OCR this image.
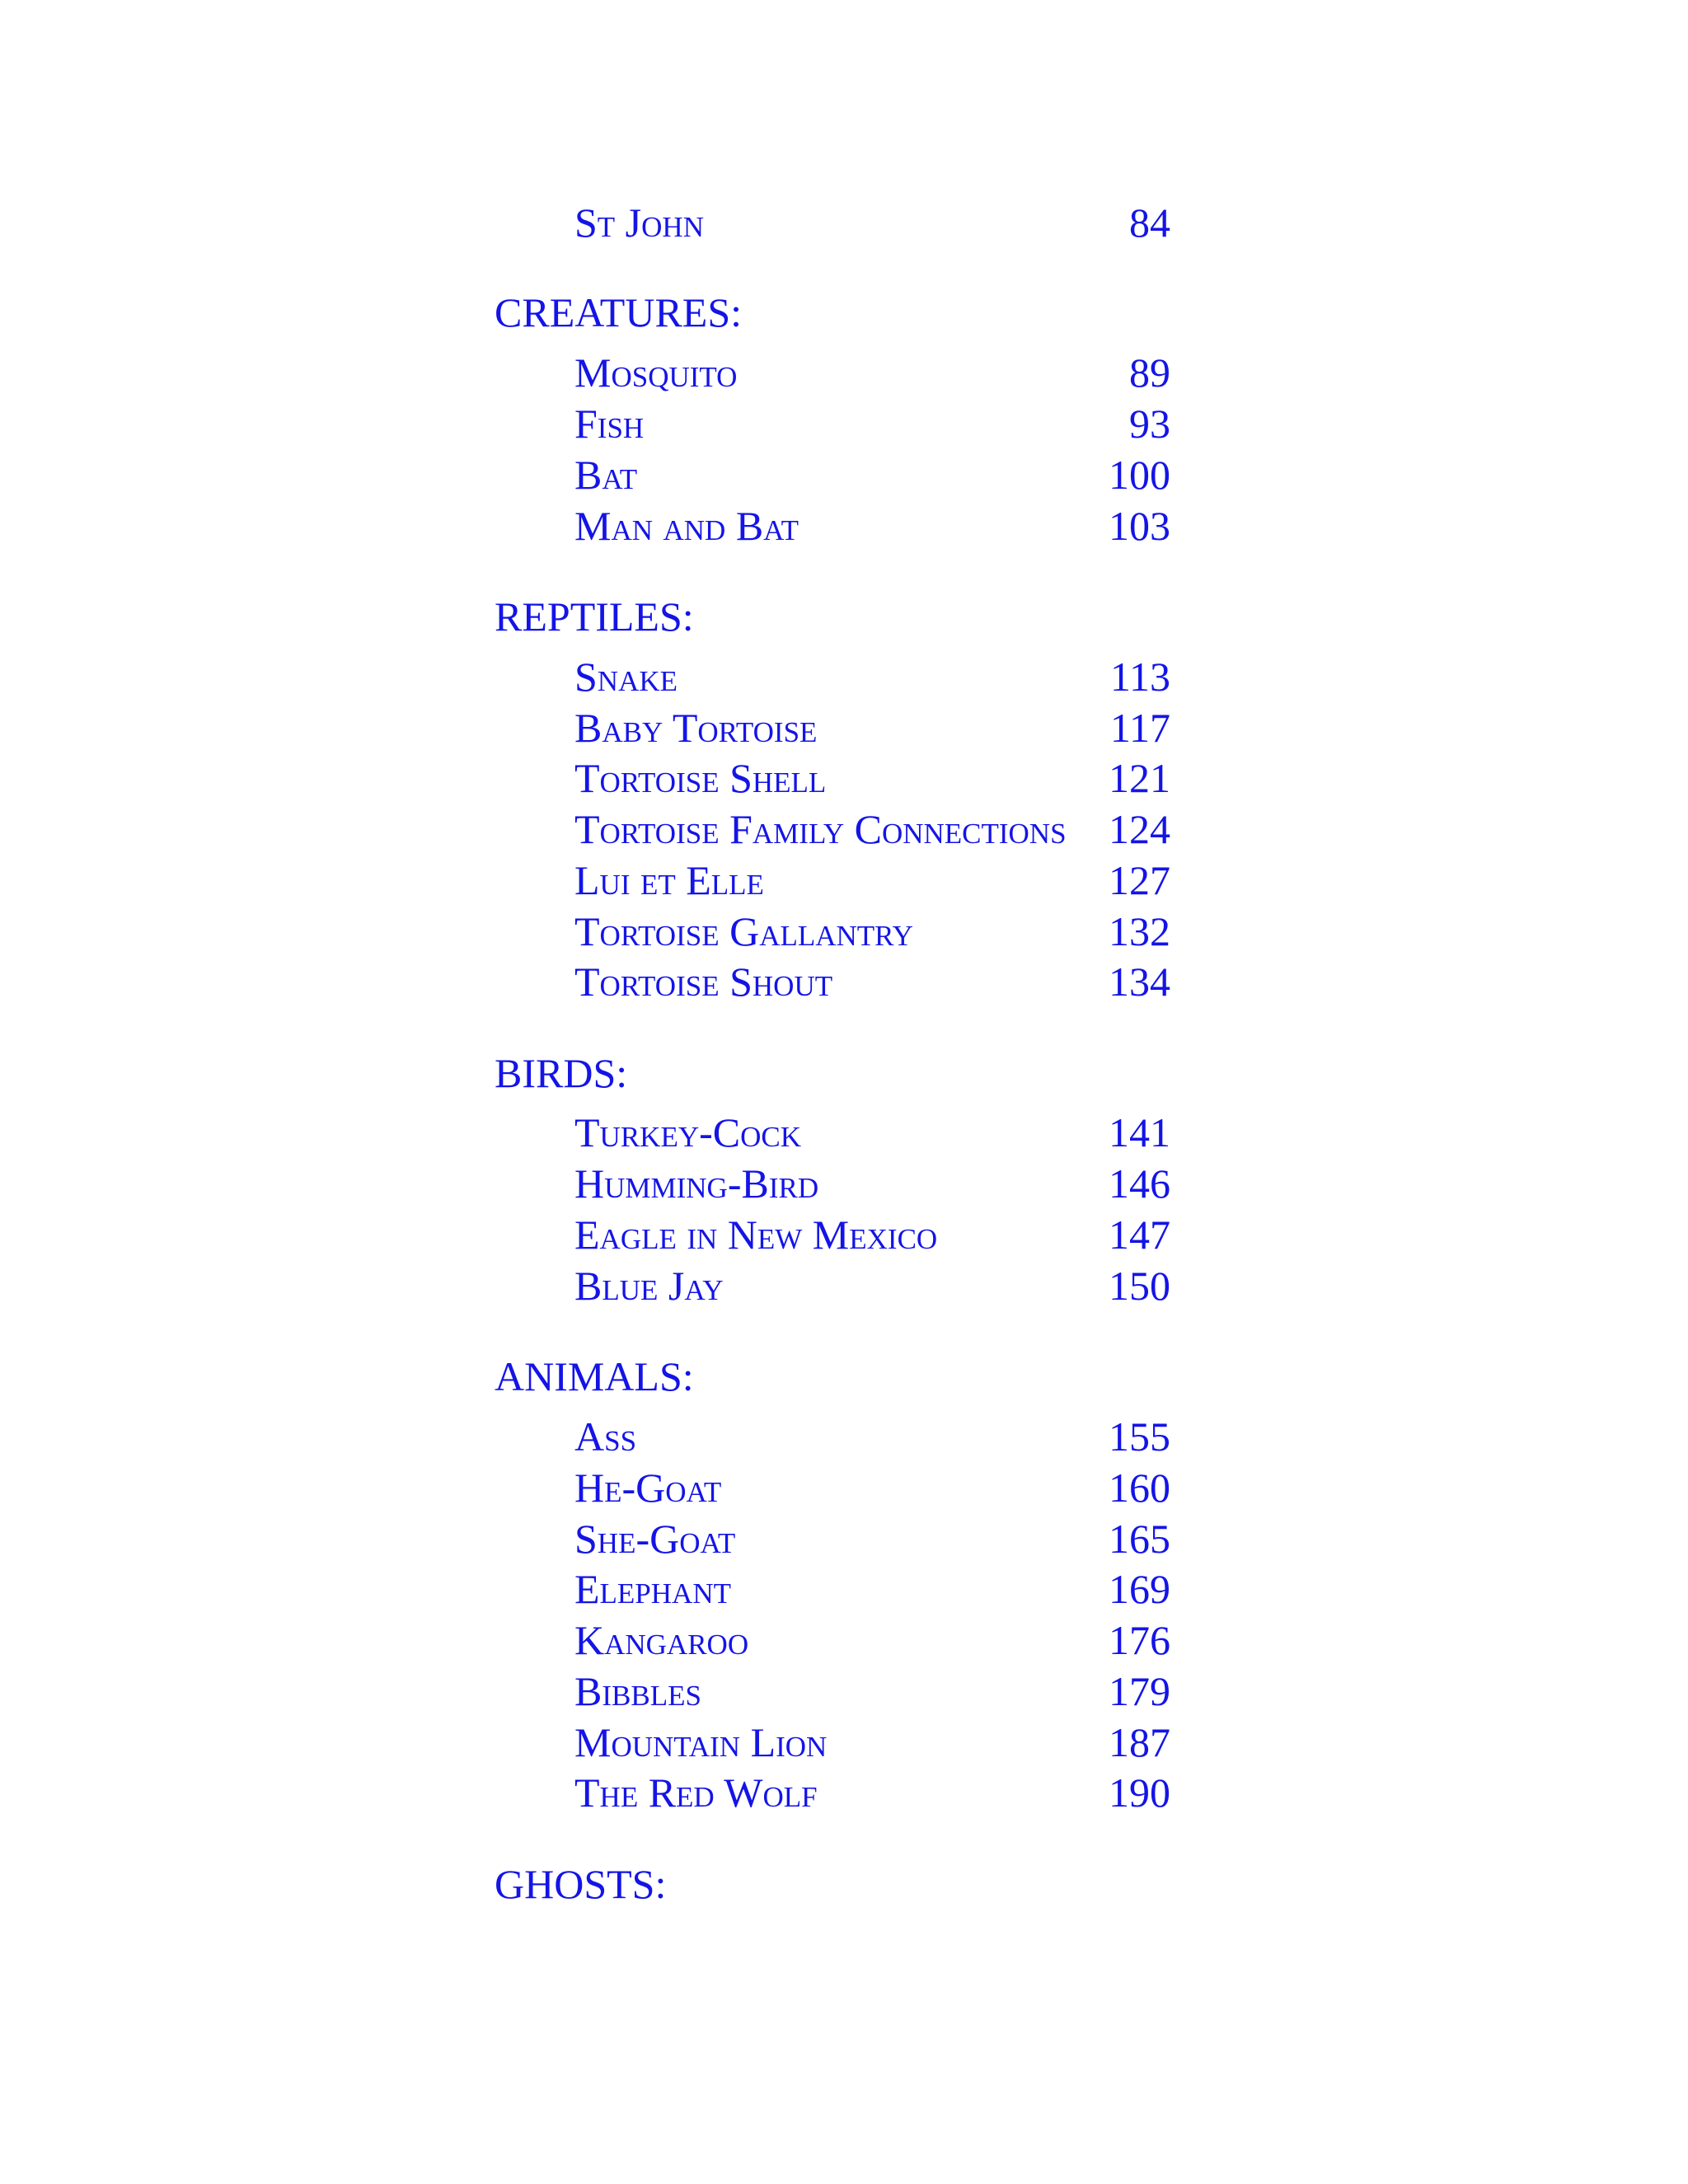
St John	84
CREATURES:
Mosquito	89
Fish	93
Bat	100
Man and Bat	103
REPTILES:
Snake	113
Baby Tortoise	117
Tortoise Shell	121
Tortoise Family Connections 124
Lui et Elle	127
Tortoise Gallantry	132
Tortoise Shout	134
BIRDS:
Turkey-Cock	141
Humming-Bird	146
Eagle in New Mexico	147
Blue Jay	150
ANIMALS:
Ass	155
He-Goat	160
She-Goat	165
Elephant	169
Kangaroo	176
Bibbles	179
Mountain Lion	187
The Red Wolf	190
GHOSTS:
